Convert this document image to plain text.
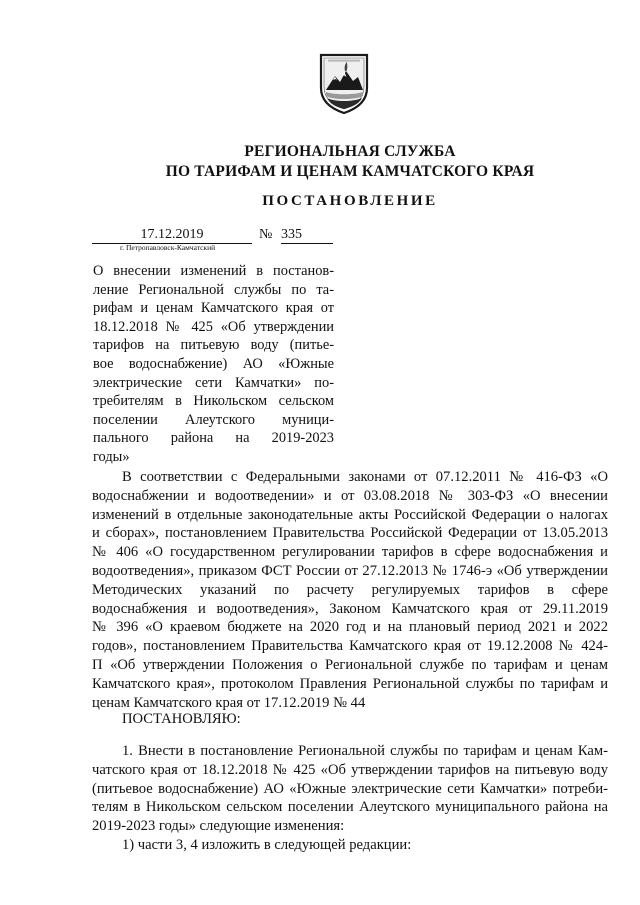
РЕГИОНАЛЬНАЯ СЛУЖБА
ПО ТАРИФАМ И ЦЕНАМ КАМЧАТСКОГО КРАЯ
ПОСТАНОВЛЕНИЕ
17.12.2019	№ 335
г. Петропавловск-Камчатский
О внесении изменений в постанов-
ление Региональной службы по та-
рифам и ценам Камчатского края от
18.12.2018 № 425 «Об утверждении
тарифов на питьевую воду (питье-
вое водоснабжение) АО «Южные
электрические сети Камчатки» по-
требителям в Никольском сельском
поселении Алеутского муници-
пального района на 2019-2023
годы»
В соответствии с Федеральными законами от 07.12.2011 № 416-ФЗ «О
водоснабжении и водоотведении» и от 03.08.2018 № 303-ФЗ «О внесении
изменений в отдельные законодательные акты Российской Федерации о налогах
и сборах», постановлением Правительства Российской Федерации от 13.05.2013
№ 406 «О государственном регулировании тарифов в сфере водоснабжения и
водоотведения», приказом ФСТ России от 27.12.2013 № 1746-э «Об утверждении
Методических указаний по расчету регулируемых тарифов в сфере
водоснабжения и водоотведения», Законом Камчатского края от 29.11.2019
№ 396 «О краевом бюджете на 2020 год и на плановый период 2021 и 2022
годов», постановлением Правительства Камчатского края от 19.12.2008 № 424-
П «Об утверждении Положения о Региональной службе по тарифам и ценам
Камчатского края», протоколом Правления Региональной службы по тарифам и
ценам Камчатского края от 17.12.2019 № 44
ПОСТАНОВЛЯЮ:
1. Внести в постановление Региональной службы по тарифам и ценам Кам-
чатского края от 18.12.2018 № 425 «Об утверждении тарифов на питьевую воду
(питьевое водоснабжение) АО «Южные электрические сети Камчатки» потреби-
телям в Никольском сельском поселении Алеутского муниципального района на
2019-2023 годы» следующие изменения:
1) части 3, 4 изложить в следующей редакции:
